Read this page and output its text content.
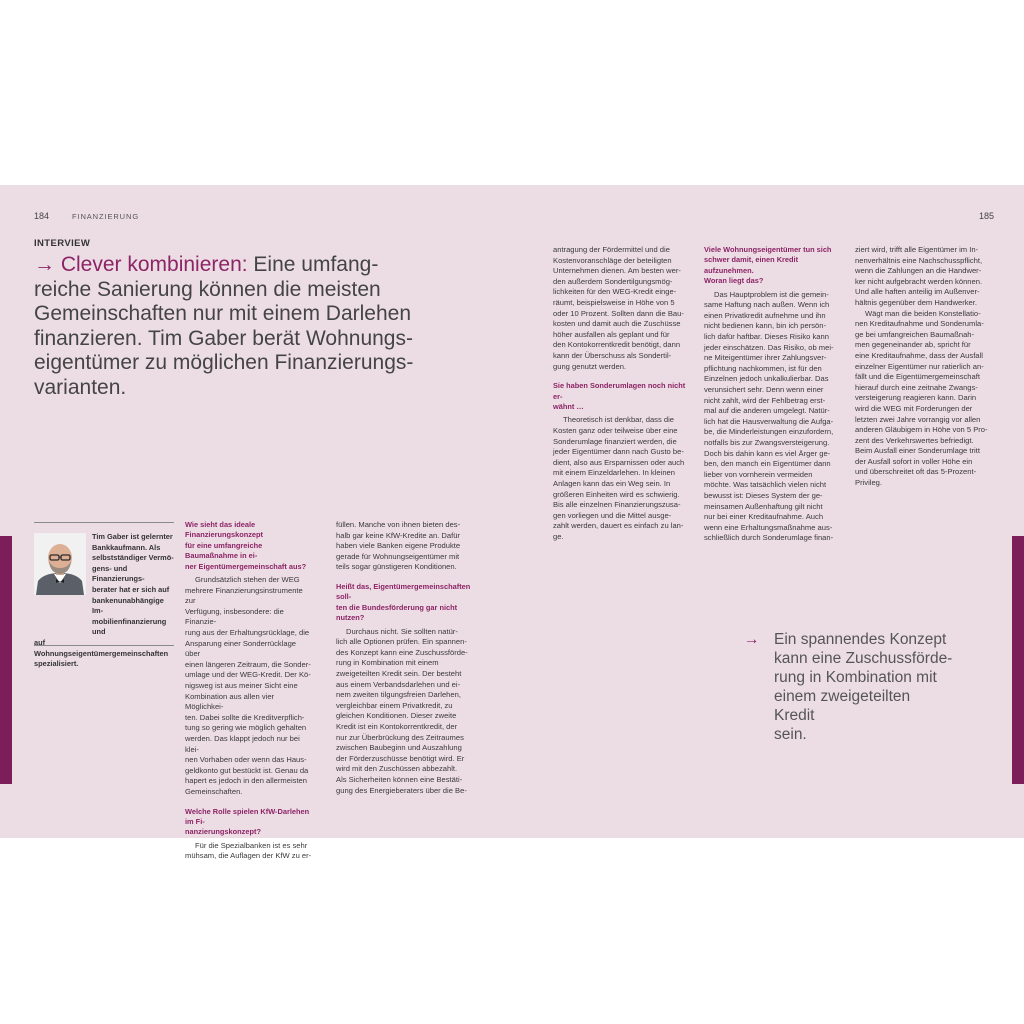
184	FINANZIERUNG	185
INTERVIEW
→ Clever kombinieren: Eine umfang-
reiche Sanierung können die meisten
Gemeinschaften nur mit einem Darlehen
finanzieren. Tim Gaber berät Wohnungs-
eigentümer zu möglichen Finanzierungs-
varianten.
Tim Gaber ist gelernter
Bankkaufmann. Als
selbstständiger Vermö-
gens- und Finanzierungs-
berater hat er sich auf
bankenunabhängige Im-
mobilienfinanzierung und
auf Wohnungseigentümergemeinschaften
spezialisiert.
Wie sieht das ideale Finanzierungskonzept
für eine umfangreiche Baumaßnahme in ei-
ner Eigentümergemeinschaft aus?
Grundsätzlich stehen der WEG
mehrere Finanzierungsinstrumente zur
Verfügung, insbesondere: die Finanzie-
rung aus der Erhaltungsrücklage, die
Ansparung einer Sonderrücklage über
einen längeren Zeitraum, die Sonder-
umlage und der WEG-Kredit. Der Kö-
nigsweg ist aus meiner Sicht eine
Kombination aus allen vier Möglichkei-
ten. Dabei sollte die Kreditverpflich-
tung so gering wie möglich gehalten
werden. Das klappt jedoch nur bei klei-
nen Vorhaben oder wenn das Haus-
geldkonto gut bestückt ist. Genau da
hapert es jedoch in den allermeisten
Gemeinschaften.
Welche Rolle spielen KfW-Darlehen im Fi-
nanzierungskonzept?
Für die Spezialbanken ist es sehr
mühsam, die Auflagen der KfW zu er-
füllen. Manche von ihnen bieten des-
halb gar keine KfW-Kredite an. Dafür
haben viele Banken eigene Produkte
gerade für Wohnungseigentümer mit
teils sogar günstigeren Konditionen.
Heißt das, Eigentümergemeinschaften soll-
ten die Bundesförderung gar nicht nutzen?
Durchaus nicht. Sie sollten natür-
lich alle Optionen prüfen. Ein spannen-
des Konzept kann eine Zuschussförde-
rung in Kombination mit einem
zweigeteilten Kredit sein. Der besteht
aus einem Verbandsdarlehen und ei-
nem zweiten tilgungsfreien Darlehen,
vergleichbar einem Privatkredit, zu
gleichen Konditionen. Dieser zweite
Kredit ist ein Kontokorrentkredit, der
nur zur Überbrückung des Zeitraumes
zwischen Baubeginn und Auszahlung
der Förderzuschüsse benötigt wird. Er
wird mit den Zuschüssen abbezahlt.
Als Sicherheiten können eine Bestäti-
gung des Energieberaters über die Be-
antragung der Fördermittel und die
Kostenvoranschläge der beteiligten
Unternehmen dienen. Am besten wer-
den außerdem Sondertilgungsmög-
lichkeiten für den WEG-Kredit einge-
räumt, beispielsweise in Höhe von 5
oder 10 Prozent. Sollten dann die Bau-
kosten und damit auch die Zuschüsse
höher ausfallen als geplant und für
den Kontokorrentkredit benötigt, dann
kann der Überschuss als Sondertil-
gung genutzt werden.
Sie haben Sonderumlagen noch nicht er-
wähnt …
Theoretisch ist denkbar, dass die
Kosten ganz oder teilweise über eine
Sonderumlage finanziert werden, die
jeder Eigentümer dann nach Gusto be-
dient, also aus Ersparnissen oder auch
mit einem Einzeldarlehen. In kleinen
Anlagen kann das ein Weg sein. In
größeren Einheiten wird es schwierig.
Bis alle einzelnen Finanzierungszusa-
gen vorliegen und die Mittel ausge-
zahlt werden, dauert es einfach zu lan-
ge.
Viele Wohnungseigentümer tun sich
schwer damit, einen Kredit aufzunehmen.
Woran liegt das?
Das Hauptproblem ist die gemein-
same Haftung nach außen. Wenn ich
einen Privatkredit aufnehme und ihn
nicht bedienen kann, bin ich persön-
lich dafür haftbar. Dieses Risiko kann
jeder einschätzen. Das Risiko, ob mei-
ne Miteigentümer ihrer Zahlungsver-
pflichtung nachkommen, ist für den
Einzelnen jedoch unkalkulierbar. Das
verunsichert sehr. Denn wenn einer
nicht zahlt, wird der Fehlbetrag erst-
mal auf die anderen umgelegt. Natür-
lich hat die Hausverwaltung die Aufga-
be, die Minderleistungen einzufordern,
notfalls bis zur Zwangsversteigerung.
Doch bis dahin kann es viel Ärger ge-
ben, den manch ein Eigentümer dann
lieber von vornherein vermeiden
möchte. Was tatsächlich vielen nicht
bewusst ist: Dieses System der ge-
meinsamen Außenhaftung gilt nicht
nur bei einer Kreditaufnahme. Auch
wenn eine Erhaltungsmaßnahme aus-
schließlich durch Sonderumlage finan-
ziert wird, trifft alle Eigentümer im In-
nenverhältnis eine Nachschusspflicht,
wenn die Zahlungen an die Handwer-
ker nicht aufgebracht werden können.
Und alle haften anteilig im Außenver-
hältnis gegenüber dem Handwerker.
Wägt man die beiden Konstellatio-
nen Kreditaufnahme und Sonderumla-
ge bei umfangreichen Baumaßnah-
men gegeneinander ab, spricht für
eine Kreditaufnahme, dass der Ausfall
einzelner Eigentümer nur ratierlich an-
fällt und die Eigentümergemeinschaft
hierauf durch eine zeitnahe Zwangs-
versteigerung reagieren kann. Darin
wird die WEG mit Forderungen der
letzten zwei Jahre vorrangig vor allen
anderen Gläubigern in Höhe von 5 Pro-
zent des Verkehrswertes befriedigt.
Beim Ausfall einer Sonderumlage tritt
der Ausfall sofort in voller Höhe ein
und überschreitet oft das 5-Prozent-
Privileg.
→ Ein spannendes Konzept
kann eine Zuschussförde-
rung in Kombination mit
einem zweigeteilten Kredit
sein.
